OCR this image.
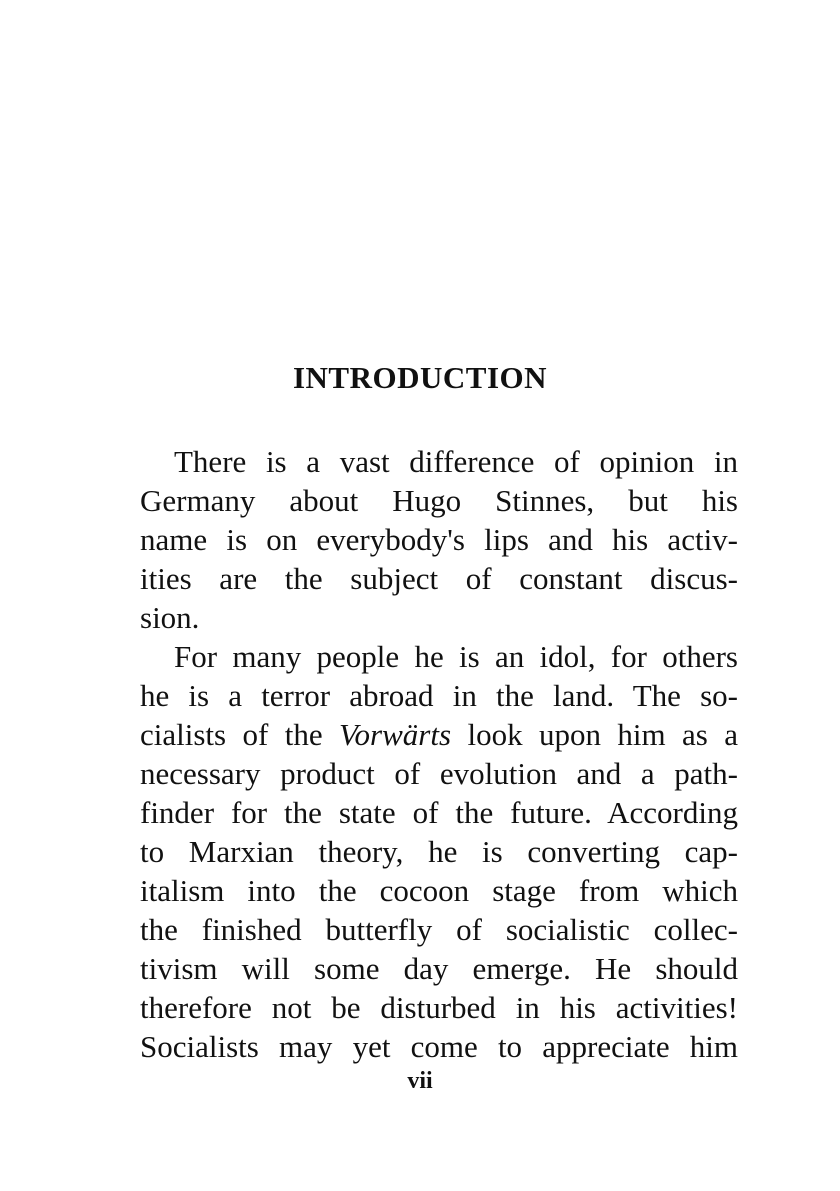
INTRODUCTION
There is a vast difference of opinion in
Germany about Hugo Stinnes, but his
name is on everybody's lips and his activ-
ities are the subject of constant discus-
sion.
For many people he is an idol, for others
he is a terror abroad in the land. The so-
cialists of the Vorwärts look upon him as a
necessary product of evolution and a path-
finder for the state of the future. According
to Marxian theory, he is converting cap-
italism into the cocoon stage from which
the finished butterfly of socialistic collec-
tivism will some day emerge. He should
therefore not be disturbed in his activities!
Socialists may yet come to appreciate him
vii
